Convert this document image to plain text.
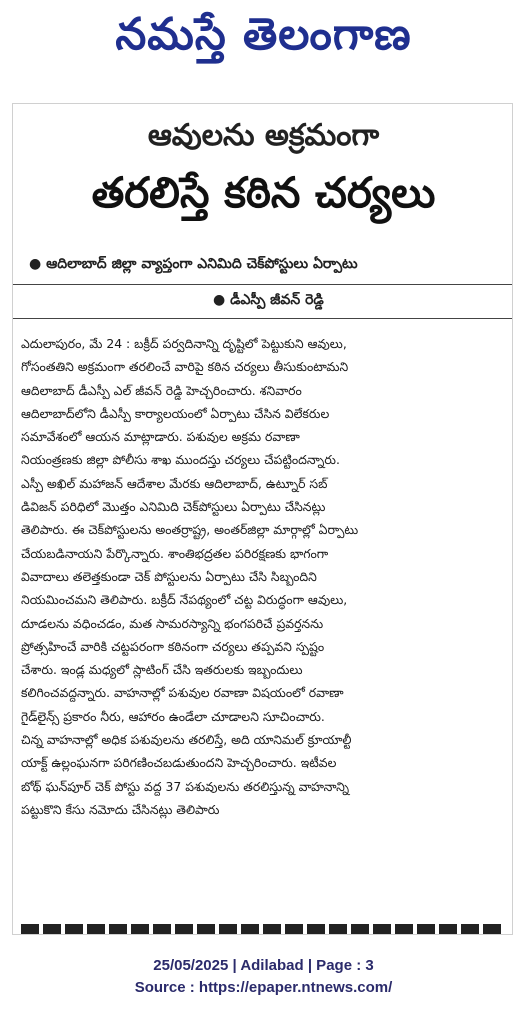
నమస్తే తెలంగాణ
ఆవులను అక్రమంగా
తరలిస్తే కఠిన చర్యలు
● ఆదిలాబాద్ జిల్లా వ్యాప్తంగా ఎనిమిది చెక్‌పోస్టులు ఏర్పాటు
● డీఎస్పీ జీవన్ రెడ్డి
ఎదులాపురం, మే 24 : బక్రీద్ పర్వదినాన్ని దృష్టిలో పెట్టుకుని ఆవులు,
గోసంతతిని అక్రమంగా తరలించే వారిపై కఠిన చర్యలు తీసుకుంటామని
ఆదిలాబాద్ డీఎస్పీ ఎల్ జీవన్ రెడ్డి హెచ్చరించారు. శనివారం
ఆదిలాబాద్‌లోని డీఎస్పీ కార్యాలయంలో ఏర్పాటు చేసిన విలేకరుల
సమావేశంలో ఆయన మాట్లాడారు. పశువుల అక్రమ రవాణా
నియంత్రణకు జిల్లా పోలీసు శాఖ ముందస్తు చర్యలు చేపట్టిందన్నారు.
ఎస్పీ అఖిల్ మహాజన్ ఆదేశాల మేరకు ఆదిలాబాద్, ఉట్నూర్ సబ్
డివిజన్ పరిధిలో మొత్తం ఎనిమిది చెక్‌పోస్టులు ఏర్పాటు చేసినట్లు
తెలిపారు. ఈ చెక్‌పోస్టులను అంతర్రాష్ట్ర, అంతర్‌జిల్లా మార్గాల్లో ఏర్పాటు
చేయబడినాయని పేర్కొన్నారు. శాంతిభద్రతల పరిరక్షణకు భాగంగా
వివాదాలు తలెత్తకుండా చెక్ పోస్టులను ఏర్పాటు చేసి సిబ్బందిని
నియమించమని తెలిపారు. బక్రీద్ నేపథ్యంలో చట్ట విరుద్ధంగా ఆవులు,
దూడలను వధించడం, మత సామరస్యాన్ని భంగపరిచే ప్రవర్తనను
ప్రోత్సహించే వారికి చట్టపరంగా కఠినంగా చర్యలు తప్పవని స్పష్టం
చేశారు. ఇండ్ల మధ్యలో స్లాటింగ్ చేసి ఇతరులకు ఇబ్బందులు
కలిగించవద్దన్నారు. వాహనాల్లో పశువుల రవాణా విషయంలో రవాణా
గైడ్‌లైన్స్ ప్రకారం నీరు, ఆహారం ఉండేలా చూడాలని సూచించారు.
చిన్న వాహనాల్లో అధిక పశువులను తరలిస్తే, అది యానిమల్ క్రూయాల్టీ
యాక్ట్ ఉల్లంఘనగా పరిగణించబడుతుందని హెచ్చరించారు. ఇటీవల
బోథ్ ఘన్‌పూర్ చెక్ పోస్టు వద్ద 37 పశువులను తరలిస్తున్న వాహనాన్ని
పట్టుకొని కేసు నమోదు చేసినట్లు తెలిపారు
25/05/2025 | Adilabad | Page : 3
Source : https://epaper.ntnews.com/
